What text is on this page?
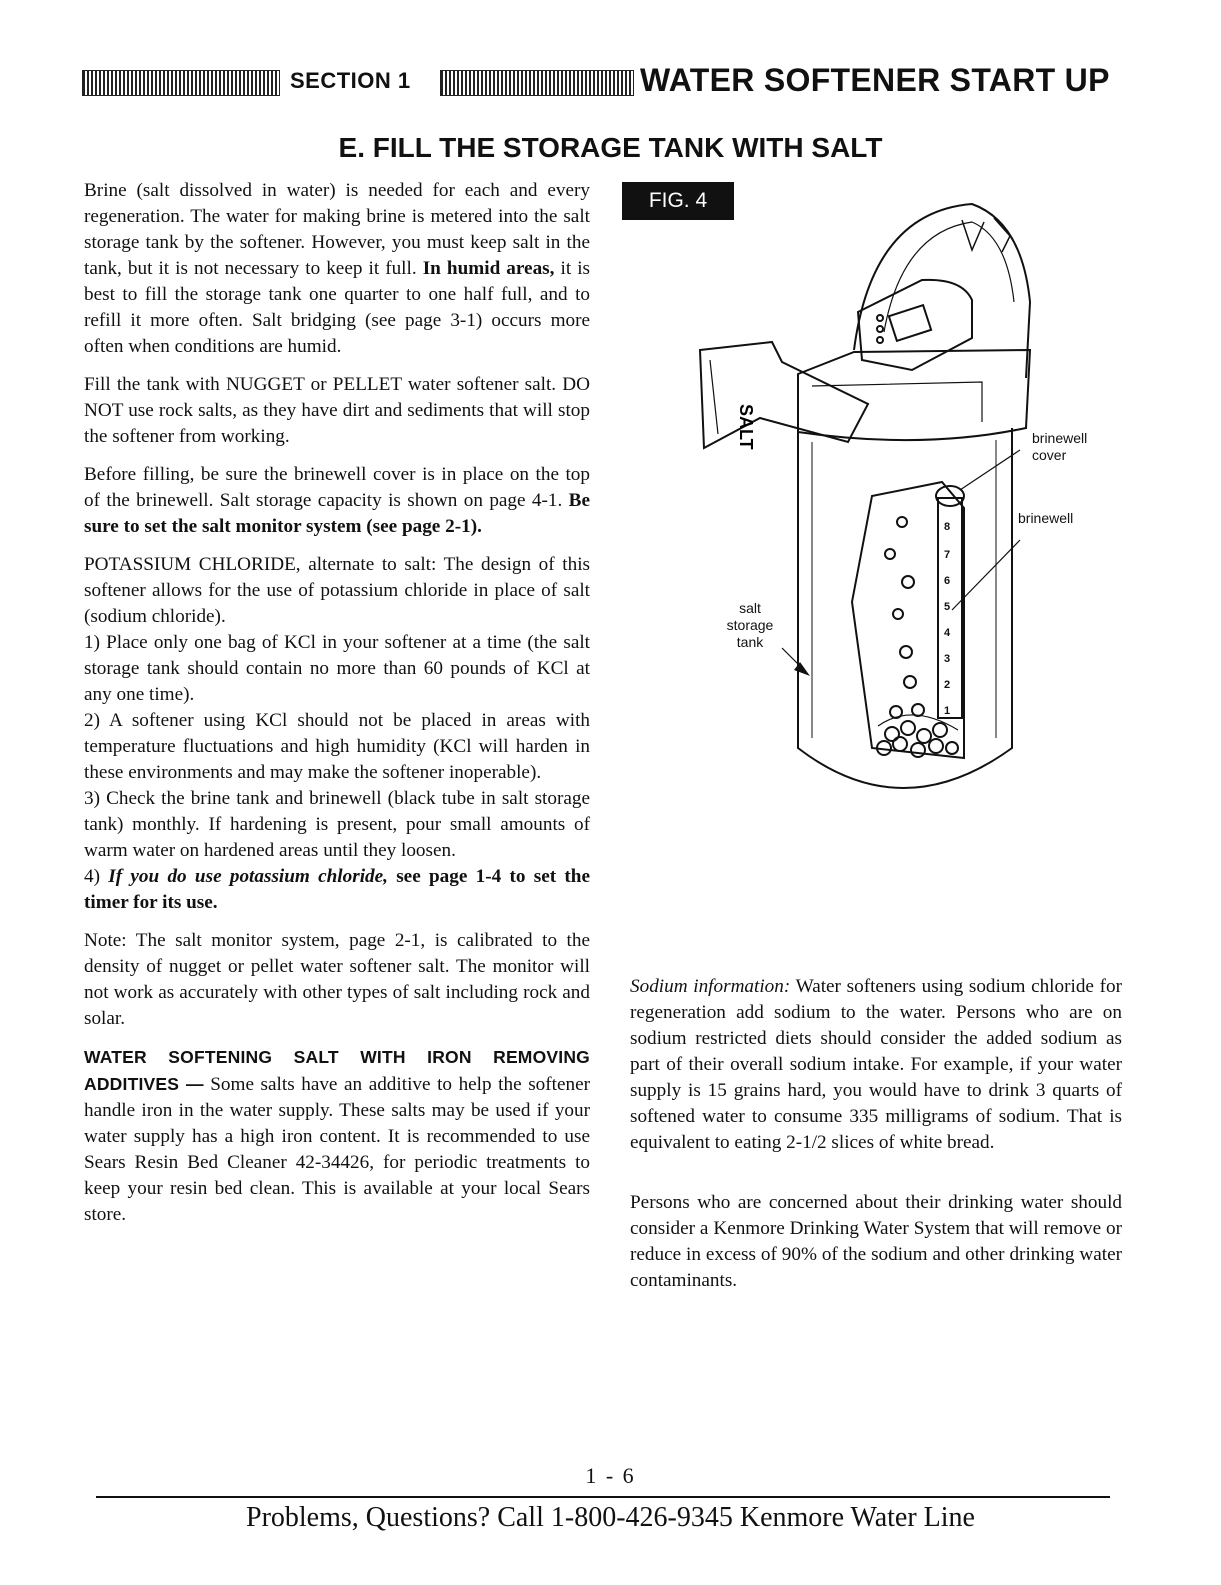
SECTION 1	WATER SOFTENER START UP
E. FILL THE STORAGE TANK WITH SALT

Brine (salt dissolved in water) is needed for each and every regeneration. The water for making brine is metered into the salt storage tank by the softener. However, you must keep salt in the tank, but it is not necessary to keep it full. In humid areas, it is best to fill the storage tank one quarter to one half full, and to refill it more often. Salt bridging (see page 3-1) occurs more often when conditions are humid.

Fill the tank with NUGGET or PELLET water softener salt. DO NOT use rock salts, as they have dirt and sediments that will stop the softener from working.

Before filling, be sure the brinewell cover is in place on the top of the brinewell. Salt storage capacity is shown on page 4-1. Be sure to set the salt monitor system (see page 2-1).

POTASSIUM CHLORIDE, alternate to salt: The design of this softener allows for the use of potassium chloride in place of salt (sodium chloride).

1) Place only one bag of KCl in your softener at a time (the salt storage tank should contain no more than 60 pounds of KCl at any one time).

2) A softener using KCl should not be placed in areas with temperature fluctuations and high humidity (KCl will harden in these environments and may make the softener inoperable).

3) Check the brine tank and brinewell (black tube in salt storage tank) monthly. If hardening is present, pour small amounts of warm water on hardened areas until they loosen.

4) If you do use potassium chloride, see page 1-4 to set the timer for its use.

Note: The salt monitor system, page 2-1, is calibrated to the density of nugget or pellet water softener salt. The monitor will not work as accurately with other types of salt including rock and solar.

WATER SOFTENING SALT WITH IRON REMOVING ADDITIVES — Some salts have an additive to help the softener handle iron in the water supply. These salts may be used if your water supply has a high iron content. It is recommended to use Sears Resin Bed Cleaner 42-34426, for periodic treatments to keep your resin bed clean. This is available at your local Sears store.

SALT
8
7
6
5
4
3
2
1
FIG. 4
brinewell
cover
brinewell
salt
storage
tank

Sodium information: Water softeners using sodium chloride for regeneration add sodium to the water. Persons who are on sodium restricted diets should consider the added sodium as part of their overall sodium intake. For example, if your water supply is 15 grains hard, you would have to drink 3 quarts of softened water to consume 335 milligrams of sodium. That is equivalent to eating 2-1/2 slices of white bread.

Persons who are concerned about their drinking water should consider a Kenmore Drinking Water System that will remove or reduce in excess of 90% of the sodium and other drinking water contaminants.

1 - 6
Problems, Questions? Call 1-800-426-9345 Kenmore Water Line
